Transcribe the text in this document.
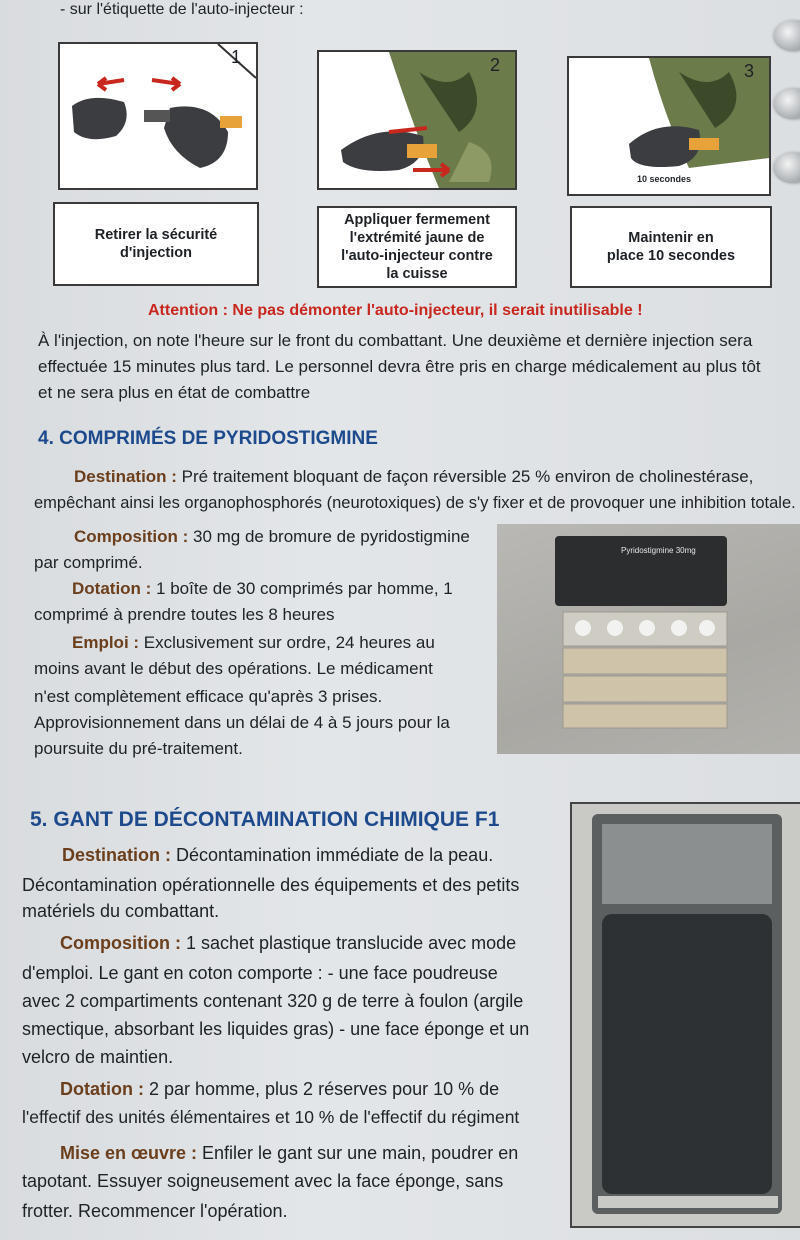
- sur l'étiquette de l'auto-injecteur :
1	2
10 secondes
3
Retirer la sécurité
d'injection
Appliquer fermement
l'extrémité jaune de
l'auto-injecteur contre
la cuisse
Maintenir en
place 10 secondes
Attention : Ne pas démonter l'auto-injecteur, il serait inutilisable !
À l'injection, on note l'heure sur le front du combattant. Une deuxième et dernière injection sera
effectuée 15 minutes plus tard. Le personnel devra être pris en charge médicalement au plus tôt
et ne sera plus en état de combattre
4. COMPRIMÉS DE PYRIDOSTIGMINE
Destination : Pré traitement bloquant de façon réversible 25 % environ de cholinestérase,
empêchant ainsi les organophosphorés (neurotoxiques) de s'y fixer et de provoquer une inhibition totale.
Composition : 30 mg de bromure de pyridostigmine
par comprimé.
Dotation : 1 boîte de 30 comprimés par homme, 1
comprimé à prendre toutes les 8 heures
Emploi : Exclusivement sur ordre, 24 heures au
moins avant le début des opérations. Le médicament
n'est complètement efficace qu'après 3 prises.
Approvisionnement dans un délai de 4 à 5 jours pour la
poursuite du pré-traitement.
Pyridostigmine 30mg
5. GANT DE DÉCONTAMINATION CHIMIQUE F1
Destination : Décontamination immédiate de la peau.
Décontamination opérationnelle des équipements et des petits
matériels du combattant.
Composition : 1 sachet plastique translucide avec mode
d'emploi. Le gant en coton comporte : - une face poudreuse
avec 2 compartiments contenant 320 g de terre à foulon (argile
smectique, absorbant les liquides gras) - une face éponge et un
velcro de maintien.
Dotation : 2 par homme, plus 2 réserves pour 10 % de
l'effectif des unités élémentaires et 10 % de l'effectif du régiment
Mise en œuvre : Enfiler le gant sur une main, poudrer en
tapotant. Essuyer soigneusement avec la face éponge, sans
frotter. Recommencer l'opération.
